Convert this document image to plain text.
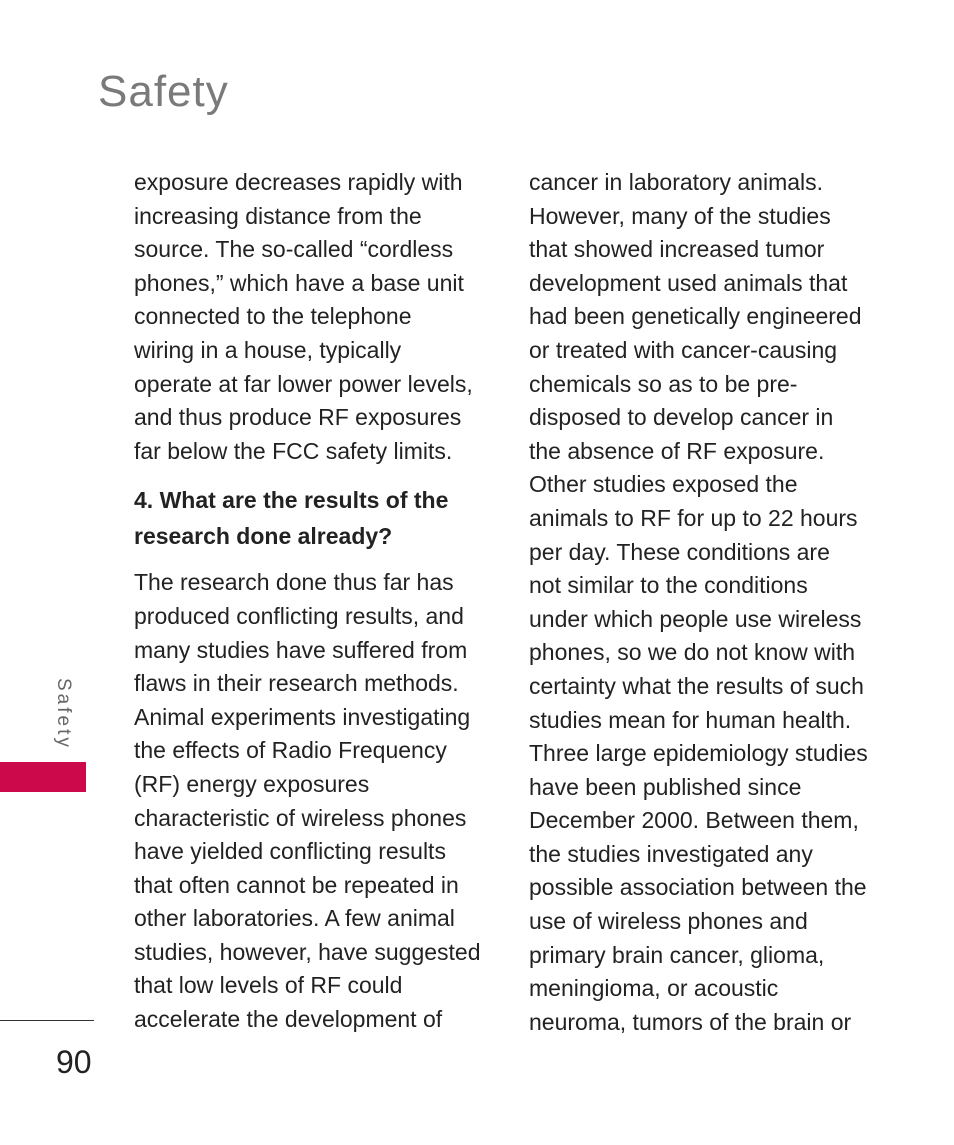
Safety
exposure decreases rapidly with
increasing distance from the
source. The so-called “cordless
phones,” which have a base unit
connected to the telephone
wiring in a house, typically
operate at far lower power levels,
and thus produce RF exposures
far below the FCC safety limits.
4. What are the results of the
research done already?
The research done thus far has
produced conflicting results, and
many studies have suffered from
flaws in their research methods.
Animal experiments investigating
the effects of Radio Frequency
(RF) energy exposures
characteristic of wireless phones
have yielded conflicting results
that often cannot be repeated in
other laboratories. A few animal
studies, however, have suggested
that low levels of RF could
accelerate the development of
cancer in laboratory animals.
However, many of the studies
that showed increased tumor
development used animals that
had been genetically engineered
or treated with cancer-causing
chemicals so as to be pre-
disposed to develop cancer in
the absence of RF exposure.
Other studies exposed the
animals to RF for up to 22 hours
per day. These conditions are
not similar to the conditions
under which people use wireless
phones, so we do not know with
certainty what the results of such
studies mean for human health.
Three large epidemiology studies
have been published since
December 2000. Between them,
the studies investigated any
possible association between the
use of wireless phones and
primary brain cancer, glioma,
meningioma, or acoustic
neuroma, tumors of the brain or
Safety
90
